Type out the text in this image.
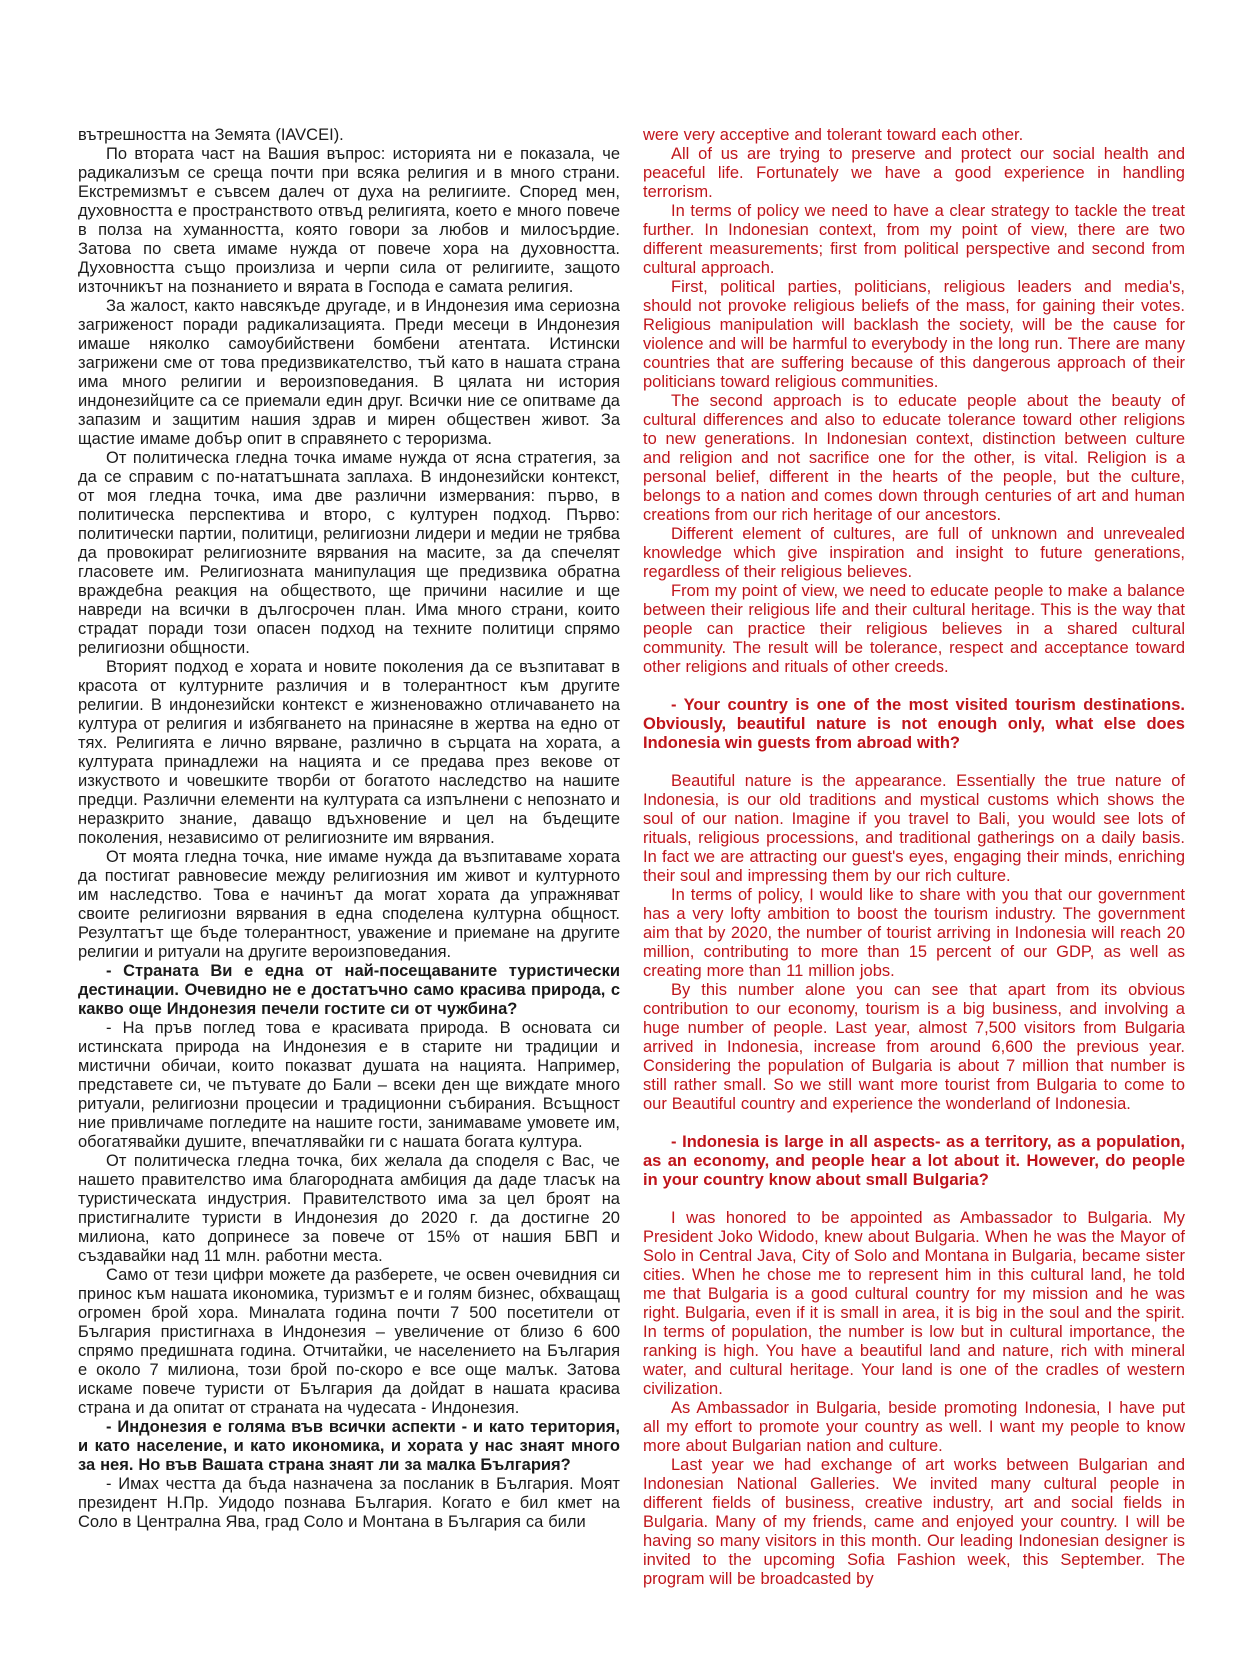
вътрешността на Земята (IAVCEI).

По втората част на Вашия въпрос: историята ни е показала, че радикализъм се среща почти при всяка религия и в много страни. Екстремизмът е съвсем далеч от духа на религиите. Според мен, духовността е пространството отвъд религията, което е много повече в полза на хуманността, която говори за любов и милосърдие. Затова по света имаме нужда от повече хора на духовността. Духовността също произлиза и черпи сила от религиите, защото източникът на познанието и вярата в Господа е самата религия.

За жалост, както навсякъде другаде, и в Индонезия има сериозна загриженост поради радикализацията. Преди месеци в Индонезия имаше няколко самоубийствени бомбени атентата. Истински загрижени сме от това предизвикателство, тъй като в нашата страна има много религии и вероизповедания. В цялата ни история индонезийците са се приемали един друг. Всички ние се опитваме да запазим и защитим нашия здрав и мирен обществен живот. За щастие имаме добър опит в справянето с тероризма.

От политическа гледна точка имаме нужда от ясна стратегия, за да се справим с по-нататъшната заплаха. В индонезийски контекст, от моя гледна точка, има две различни измервания: първо, в политическа перспектива и второ, с културен подход. Първо: политически партии, политици, религиозни лидери и медии не трябва да провокират религиозните вярвания на масите, за да спечелят гласовете им. Религиозната манипулация ще предизвика обратна враждебна реакция на обществото, ще причини насилие и ще навреди на всички в дългосрочен план. Има много страни, които страдат поради този опасен подход на техните политици спрямо религиозни общности.

Вторият подход е хората и новите поколения да се възпитават в красота от културните различия и в толерантност към другите религии. В индонезийски контекст е жизненоважно отличаването на култура от религия и избягването на принасяне в жертва на едно от тях. Религията е лично вярване, различно в сърцата на хората, а културата принадлежи на нацията и се предава през векове от изкуството и човешките творби от богатото наследство на нашите предци. Различни елементи на културата са изпълнени с непознато и неразкрито знание, даващо вдъхновение и цел на бъдещите поколения, независимо от религиозните им вярвания.

От моята гледна точка, ние имаме нужда да възпитаваме хората да постигат равновесие между религиозния им живот и културното им наследство. Това е начинът да могат хората да упражняват своите религиозни вярвания в една споделена културна общност. Резултатът ще бъде толерантност, уважение и приемане на другите религии и ритуали на другите вероизповедания.

- Страната Ви е една от най-посещаваните туристически дестинации. Очевидно не е достатъчно само красива природа, с какво още Индонезия печели гостите си от чужбина?

- На пръв поглед това е красивата природа. В основата си истинската природа на Индонезия е в старите ни традиции и мистични обичаи, които показват душата на нацията. Например, представете си, че пътувате до Бали – всеки ден ще виждате много ритуали, религиозни процесии и традиционни събирания. Всъщност ние привличаме погледите на нашите гости, занимаваме умовете им, обогатявайки душите, впечатлявайки ги с нашата богата култура.

От политическа гледна точка, бих желала да споделя с Вас, че нашето правителство има благородната амбиция да даде тласък на туристическата индустрия. Правителството има за цел броят на пристигналите туристи в Индонезия до 2020 г. да достигне 20 милиона, като допринесе за повече от 15% от нашия БВП и създавайки над 11 млн. работни места.

Само от тези цифри можете да разберете, че освен очевидния си принос към нашата икономика, туризмът е и голям бизнес, обхващащ огромен брой хора. Миналата година почти 7 500 посетители от България пристигнаха в Индонезия – увеличение от близо 6 600 спрямо предишната година. Отчитайки, че населението на България е около 7 милиона, този брой по-скоро е все още малък. Затова искаме повече туристи от България да дойдат в нашата красива страна и да опитат от страната на чудесата - Индонезия.

- Индонезия е голяма във всички аспекти - и като територия, и като население, и като икономика, и хората у нас знаят много за нея. Но във Вашата страна знаят ли за малка България?

- Имах честта да бъда назначена за посланик в България. Моят президент Н.Пр. Уидодо познава България. Когато е бил кмет на Соло в Централна Ява, град Соло и Монтана в България са били

were very acceptive and tolerant toward each other.

All of us are trying to preserve and protect our social health and peaceful life. Fortunately we have a good experience in handling terrorism.

In terms of policy we need to have a clear strategy to tackle the treat further. In Indonesian context, from my point of view, there are two different measurements; first from political perspective and second from cultural approach.

First, political parties, politicians, religious leaders and media's, should not provoke religious beliefs of the mass, for gaining their votes. Religious manipulation will backlash the society, will be the cause for violence and will be harmful to everybody in the long run. There are many countries that are suffering because of this dangerous approach of their politicians toward religious communities.

The second approach is to educate people about the beauty of cultural differences and also to educate tolerance toward other religions to new generations. In Indonesian context, distinction between culture and religion and not sacrifice one for the other, is vital. Religion is a personal belief, different in the hearts of the people, but the culture, belongs to a nation and comes down through centuries of art and human creations from our rich heritage of our ancestors.

Different element of cultures, are full of unknown and unrevealed knowledge which give inspiration and insight to future generations, regardless of their religious believes.

From my point of view, we need to educate people to make a balance between their religious life and their cultural heritage. This is the way that people can practice their religious believes in a shared cultural community. The result will be tolerance, respect and acceptance toward other religions and rituals of other creeds.

- Your country is one of the most visited tourism destinations. Obviously, beautiful nature is not enough only, what else does Indonesia win guests from abroad with?

Beautiful nature is the appearance. Essentially the true nature of Indonesia, is our old traditions and mystical customs which shows the soul of our nation. Imagine if you travel to Bali, you would see lots of rituals, religious processions, and traditional gatherings on a daily basis. In fact we are attracting our guest's eyes, engaging their minds, enriching their soul and impressing them by our rich culture.

In terms of policy, I would like to share with you that our government has a very lofty ambition to boost the tourism industry. The government aim that by 2020, the number of tourist arriving in Indonesia will reach 20 million, contributing to more than 15 percent of our GDP, as well as creating more than 11 million jobs.

By this number alone you can see that apart from its obvious contribution to our economy, tourism is a big business, and involving a huge number of people. Last year, almost 7,500 visitors from Bulgaria arrived in Indonesia, increase from around 6,600 the previous year. Considering the population of Bulgaria is about 7 million that number is still rather small. So we still want more tourist from Bulgaria to come to our Beautiful country and experience the wonderland of Indonesia.

- Indonesia is large in all aspects- as a territory, as a population, as an economy, and people hear a lot about it. However, do people in your country know about small Bulgaria?

I was honored to be appointed as Ambassador to Bulgaria. My President Joko Widodo, knew about Bulgaria. When he was the Mayor of Solo in Central Java, City of Solo and Montana in Bulgaria, became sister cities. When he chose me to represent him in this cultural land, he told me that Bulgaria is a good cultural country for my mission and he was right. Bulgaria, even if it is small in area, it is big in the soul and the spirit. In terms of population, the number is low but in cultural importance, the ranking is high. You have a beautiful land and nature, rich with mineral water, and cultural heritage. Your land is one of the cradles of western civilization.

As Ambassador in Bulgaria, beside promoting Indonesia, I have put all my effort to promote your country as well. I want my people to know more about Bulgarian nation and culture.

Last year we had exchange of art works between Bulgarian and Indonesian National Galleries. We invited many cultural people in different fields of business, creative industry, art and social fields in Bulgaria. Many of my friends, came and enjoyed your country. I will be having so many visitors in this month. Our leading Indonesian designer is invited to the upcoming Sofia Fashion week, this September. The program will be broadcasted by
